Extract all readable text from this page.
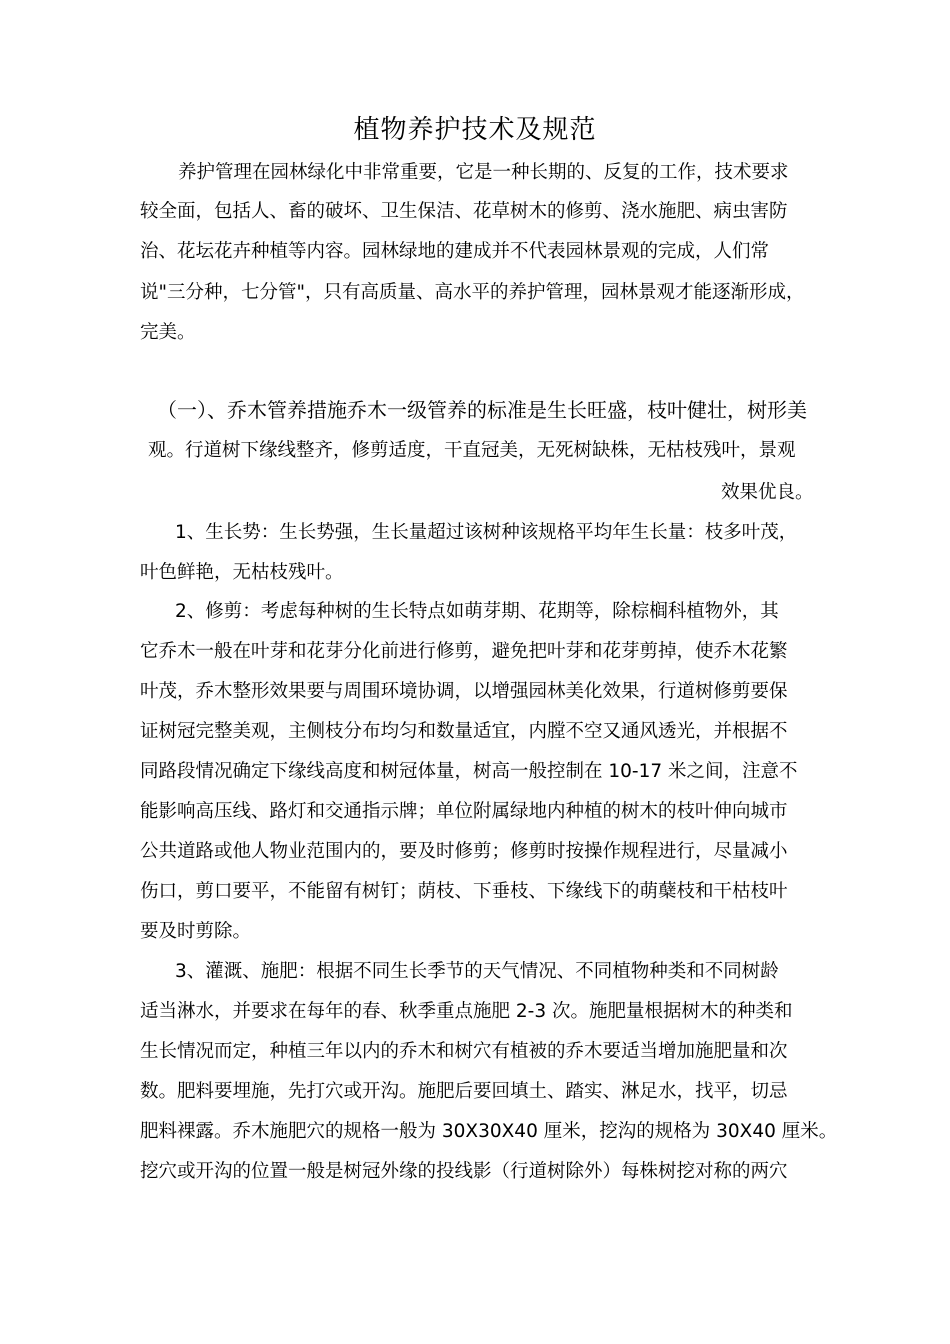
植物养护技术及规范
养护管理在园林绿化中非常重要，它是一种长期的、反复的工作，技术要求
较全面，包括人、畜的破坏、卫生保洁、花草树木的修剪、浇水施肥、病虫害防
治、花坛花卉种植等内容。园林绿地的建成并不代表园林景观的完成，人们常
说"三分种，七分管"，只有高质量、高水平的养护管理，园林景观才能逐渐形成，
完美。
（一）、乔木管养措施乔木一级管养的标准是生长旺盛，枝叶健壮，树形美
观。行道树下缘线整齐，修剪适度，干直冠美，无死树缺株，无枯枝残叶，景观
效果优良。
1、生长势：生长势强，生长量超过该树种该规格平均年生长量：枝多叶茂，
叶色鲜艳，无枯枝残叶。
2、修剪：考虑每种树的生长特点如萌芽期、花期等，除棕榈科植物外，其
它乔木一般在叶芽和花芽分化前进行修剪，避免把叶芽和花芽剪掉，使乔木花繁
叶茂，乔木整形效果要与周围环境协调，以增强园林美化效果，行道树修剪要保
证树冠完整美观，主侧枝分布均匀和数量适宜，内膛不空又通风透光，并根据不
同路段情况确定下缘线高度和树冠体量，树高一般控制在 10-17 米之间，注意不
能影响高压线、路灯和交通指示牌；单位附属绿地内种植的树木的枝叶伸向城市
公共道路或他人物业范围内的，要及时修剪；修剪时按操作规程进行，尽量减小
伤口，剪口要平，不能留有树钉；荫枝、下垂枝、下缘线下的萌蘖枝和干枯枝叶
要及时剪除。
3、灌溉、施肥：根据不同生长季节的天气情况、不同植物种类和不同树龄
适当淋水，并要求在每年的春、秋季重点施肥 2-3 次。施肥量根据树木的种类和
生长情况而定，种植三年以内的乔木和树穴有植被的乔木要适当增加施肥量和次
数。肥料要埋施，先打穴或开沟。施肥后要回填土、踏实、淋足水，找平，切忌
肥料裸露。乔木施肥穴的规格一般为 30X30X40 厘米，挖沟的规格为 30X40 厘米。
挖穴或开沟的位置一般是树冠外缘的投线影（行道树除外）每株树挖对称的两穴
